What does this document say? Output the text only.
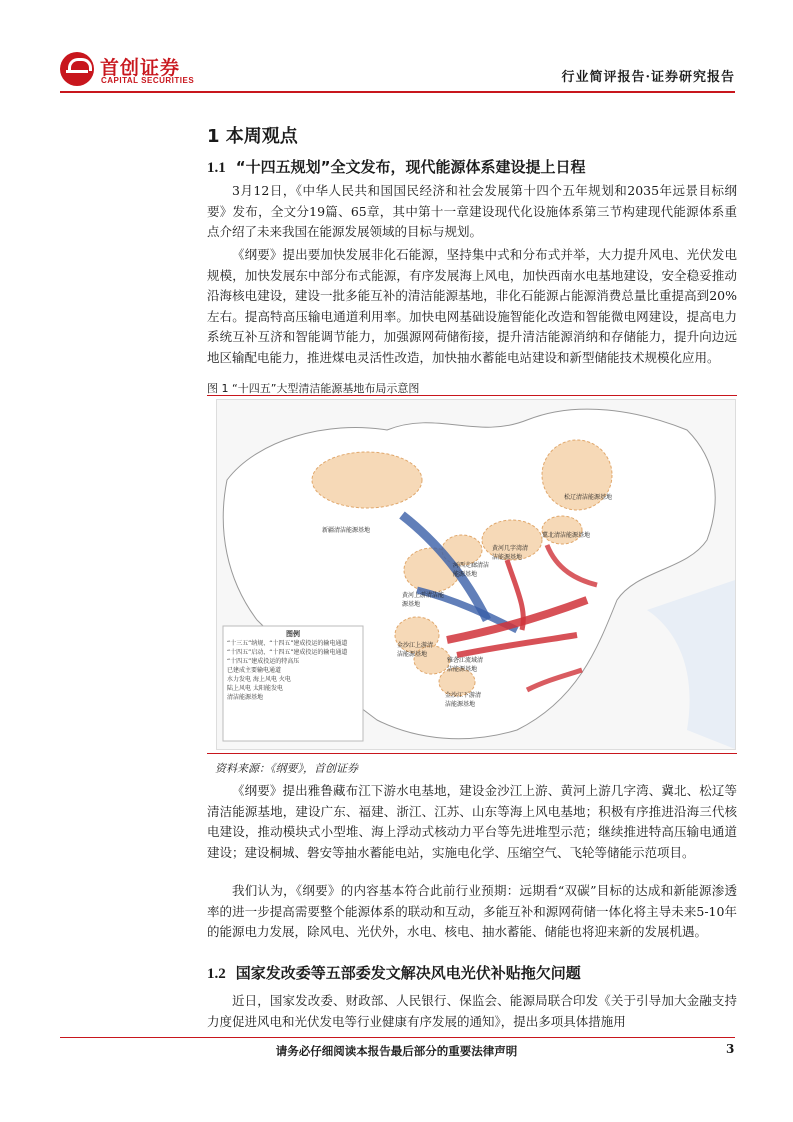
首创证券
CAPITAL SECURITIES	行业简评报告·证券研究报告
1 本周观点
1.1 “十四五规划”全文发布，现代能源体系建设提上日程
3月12日，《中华人民共和国国民经济和社会发展第十四个五年规划和2035年远景目标纲要》发布，全文分19篇、65章，其中第十一章建设现代化设施体系第三节构建现代能源体系重点介绍了未来我国在能源发展领域的目标与规划。
《纲要》提出要加快发展非化石能源，坚持集中式和分布式并举，大力提升风电、光伏发电规模，加快发展东中部分布式能源，有序发展海上风电，加快西南水电基地建设，安全稳妥推动沿海核电建设，建设一批多能互补的清洁能源基地，非化石能源占能源消费总量比重提高到20%左右。提高特高压输电通道利用率。加快电网基础设施智能化改造和智能微电网建设，提高电力系统互补互济和智能调节能力，加强源网荷储衔接，提升清洁能源消纳和存储能力，提升向边远地区输配电能力，推进煤电灵活性改造，加快抽水蓄能电站建设和新型储能技术规模化应用。
图 1 “十四五”大型清洁能源基地布局示意图
图例
“十三五”纳规、“十四五”建成投运的输电通道
“十四五”启动、“十四五”建成投运的输电通道
“十四五”建成投运的特高压
已建成主要输电通道
水力发电 海上风电 火电
陆上风电 太阳能发电
清洁能源基地
新疆清洁能源基地
黄河上游清洁能源基地
河西走廊清洁能源基地
黄河几字湾清洁能源基地
冀北清洁能源基地
松辽清洁能源基地
金沙江上游清洁能源基地
雅砻江流域清洁能源基地
金沙江下游清洁能源基地
资料来源：《纲要》，首创证券
《纲要》提出雅鲁藏布江下游水电基地，建设金沙江上游、黄河上游几字湾、冀北、松辽等清洁能源基地，建设广东、福建、浙江、江苏、山东等海上风电基地；积极有序推进沿海三代核电建设，推动模块式小型堆、海上浮动式核动力平台等先进堆型示范；继续推进特高压输电通道建设；建设桐城、磐安等抽水蓄能电站，实施电化学、压缩空气、飞轮等储能示范项目。
我们认为，《纲要》的内容基本符合此前行业预期：远期看“双碳”目标的达成和新能源渗透率的进一步提高需要整个能源体系的联动和互动，多能互补和源网荷储一体化将主导未来5-10年的能源电力发展，除风电、光伏外，水电、核电、抽水蓄能、储能也将迎来新的发展机遇。
1.2 国家发改委等五部委发文解决风电光伏补贴拖欠问题
近日，国家发改委、财政部、人民银行、保监会、能源局联合印发《关于引导加大金融支持力度促进风电和光伏发电等行业健康有序发展的通知》，提出多项具体措施用
请务必仔细阅读本报告最后部分的重要法律声明	3
